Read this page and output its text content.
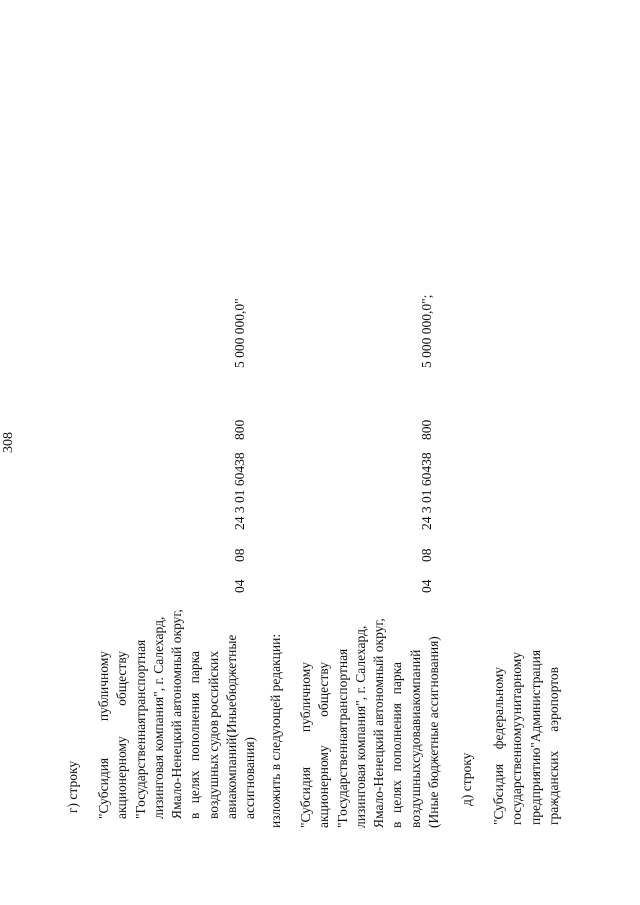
308
г) строку "Субсидия
публичному
акционерному
обществу
"Государственная
транспортная лизинговая компания", г. Салехард, Ямало-Ненецкий автономный округ, в
целях
пополнения
парка
воздушных
судов
российских
авиакомпаний
(Иные
бюджетные
ассигнования)
04
08
24 3 01 60438
800
5 000 000,0"
изложить в следующей редакции: "Субсидия
публичному
акционерному
обществу
"Государственная
транспортная лизинговая компания", г. Салехард, Ямало-Ненецкий автономный округ, в
целях
пополнения
парка
воздушных
судов
авиакомпаний (Иные бюджетные ассигнования)
04
08
24 3 01 60438
800
5 000 000,0";
д) строку "Субсидия
федеральному
государственному
унитарному
предприятию
"Администрация
гражданских
аэропортов
